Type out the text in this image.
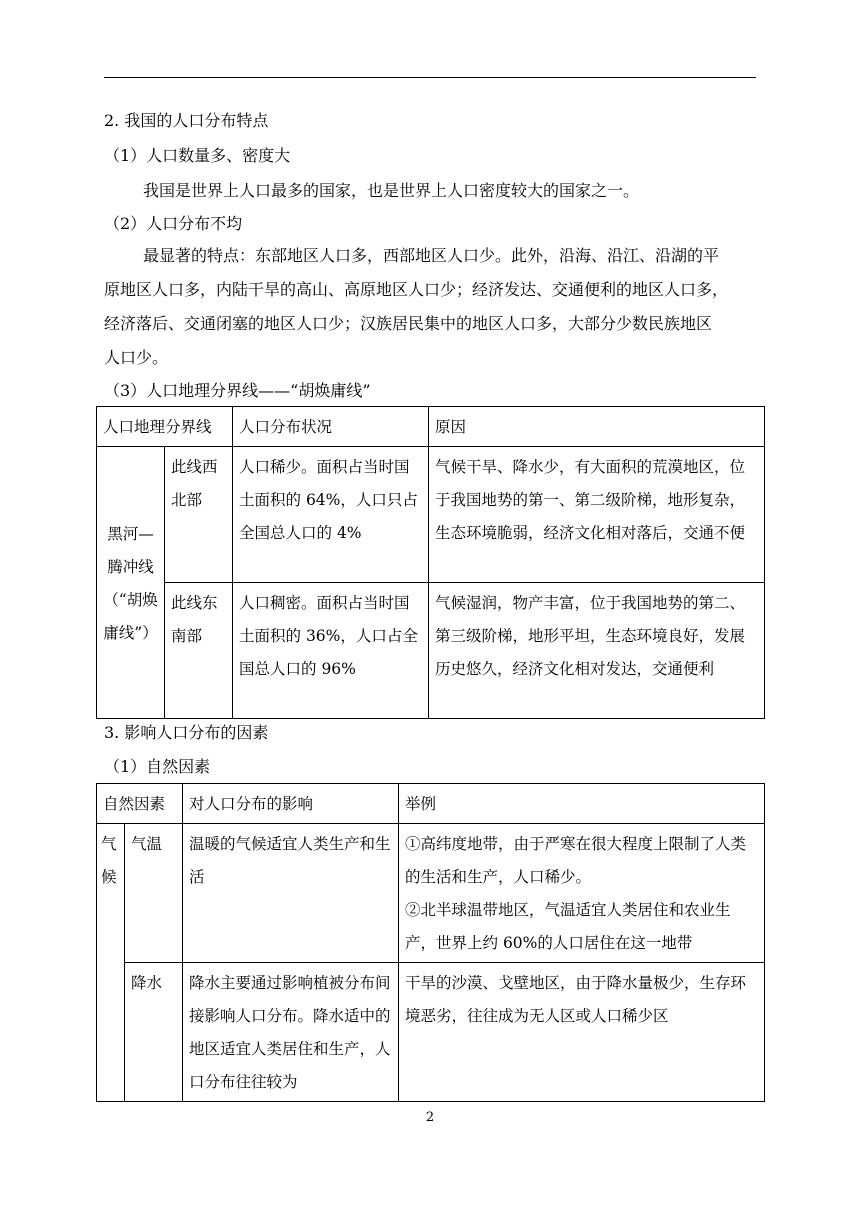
2. 我国的人口分布特点
（1）人口数量多、密度大
我国是世界上人口最多的国家，也是世界上人口密度较大的国家之一。
（2）人口分布不均
最显著的特点：东部地区人口多，西部地区人口少。此外，沿海、沿江、沿湖的平
原地区人口多，内陆干旱的高山、高原地区人口少；经济发达、交通便利的地区人口多，
经济落后、交通闭塞的地区人口少；汉族居民集中的地区人口多，大部分少数民族地区
人口少。
（3）人口地理分界线——“胡焕庸线”
人口地理分界线		人口分布状况	原因
黑河—腾冲线（“胡焕庸线”）	此线西北部	人口稀少。面积占当时国土面积的 64%，人口只占全国总人口的 4%	气候干旱、降水少，有大面积的荒漠地区，位于我国地势的第一、第二级阶梯，地形复杂，生态环境脆弱，经济文化相对落后，交通不便
	此线东南部	人口稠密。面积占当时国土面积的 36%，人口占全国总人口的 96%	气候湿润，物产丰富，位于我国地势的第二、第三级阶梯，地形平坦，生态环境良好，发展历史悠久，经济文化相对发达，交通便利
3. 影响人口分布的因素
（1）自然因素
自然因素		对人口分布的影响	举例
气候	气温	温暖的气候适宜人类生产和生活	①高纬度地带，由于严寒在很大程度上限制了人类的生活和生产，人口稀少。
②北半球温带地区，气温适宜人类居住和农业生产，世界上约 60%的人口居住在这一地带

	降水	降水主要通过影响植被分布间接影响人口分布。降水适中的地区适宜人类居住和生产，人口分布往往较为	干旱的沙漠、戈壁地区，由于降水量极少，生存环境恶劣，往往成为无人区或人口稀少区
2
